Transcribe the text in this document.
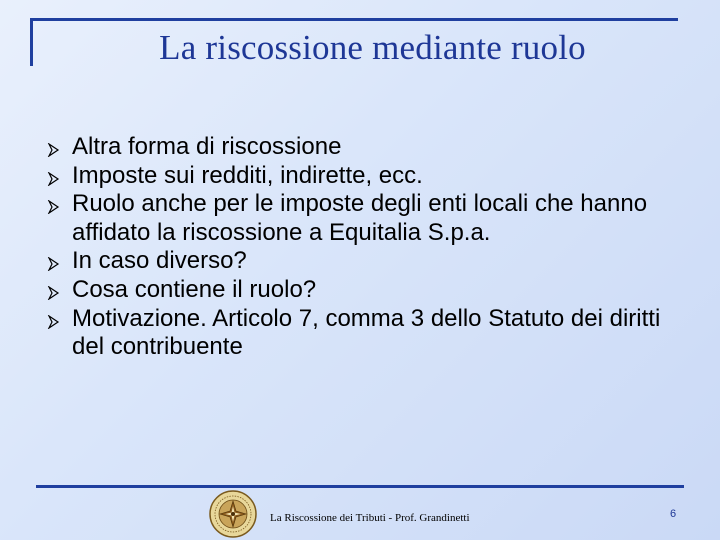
La riscossione mediante ruolo
Altra forma di riscossione
Imposte sui redditi, indirette, ecc.
Ruolo anche per le imposte degli enti locali che hanno affidato la riscossione a Equitalia S.p.a.
In caso diverso?
Cosa contiene il ruolo?
Motivazione. Articolo 7, comma 3 dello Statuto dei diritti del contribuente
La Riscossione dei Tributi - Prof. Grandinetti	6
